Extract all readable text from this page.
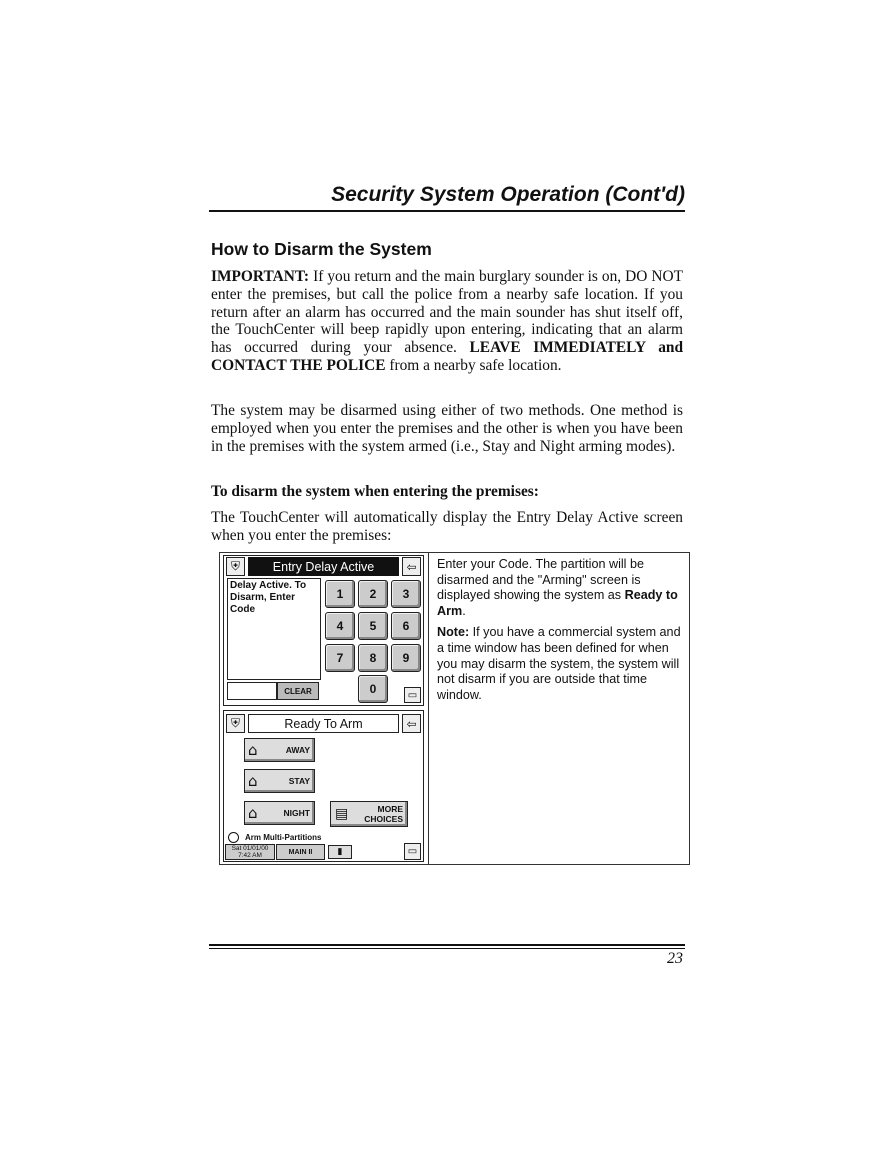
Security System Operation (Cont'd)
How to Disarm the System
IMPORTANT: If you return and the main burglary sounder is on, DO NOT enter the premises, but call the police from a nearby safe location. If you return after an alarm has occurred and the main sounder has shut itself off, the TouchCenter will beep rapidly upon entering, indicating that an alarm has occurred during your absence. LEAVE IMMEDIATELY and CONTACT THE POLICE from a nearby safe location.
The system may be disarmed using either of two methods. One method is employed when you enter the premises and the other is when you have been in the premises with the system armed (i.e., Stay and Night arming modes).
To disarm the system when entering the premises:
The TouchCenter will automatically display the Entry Delay Active screen when you enter the premises:
⛨	Entry Delay Active	⇦
Delay Active. To Disarm, Enter Code
1	2	3
4	5	6
7	8	9
0
CLEAR	▭
⛨	Ready To Arm	⇦
⌂	AWAY
⌂	STAY
⌂	NIGHT ▤	MORE
CHOICES
Arm Multi-Partitions
Sat 01/01/00
7:42 AM	MAIN II	▮	▭

Enter your Code. The partition will be disarmed and the "Arming" screen is displayed showing the system as Ready to Arm.

Note: If you have a commercial system and a time window has been defined for when you may disarm the system, the system will not disarm if you are outside that time window.

23
